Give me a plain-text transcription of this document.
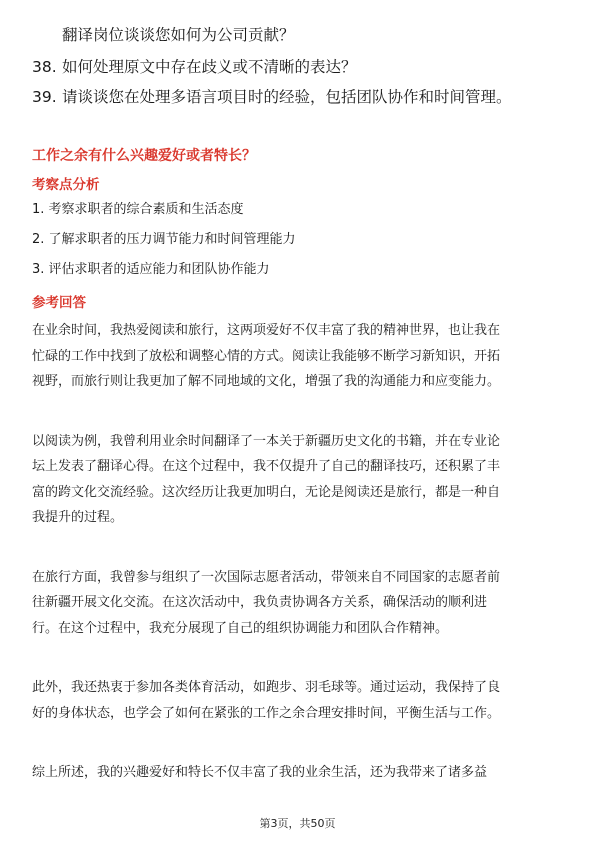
翻译岗位谈谈您如何为公司贡献？
38. 如何处理原文中存在歧义或不清晰的表达？
39. 请谈谈您在处理多语言项目时的经验，包括团队协作和时间管理。
工作之余有什么兴趣爱好或者特长？
考察点分析
1. 考察求职者的综合素质和生活态度
2. 了解求职者的压力调节能力和时间管理能力
3. 评估求职者的适应能力和团队协作能力
参考回答

在业余时间，我热爱阅读和旅行，这两项爱好不仅丰富了我的精神世界，也让我在
忙碌的工作中找到了放松和调整心情的方式。阅读让我能够不断学习新知识，开拓
视野，而旅行则让我更加了解不同地域的文化，增强了我的沟通能力和应变能力。

以阅读为例，我曾利用业余时间翻译了一本关于新疆历史文化的书籍，并在专业论
坛上发表了翻译心得。在这个过程中，我不仅提升了自己的翻译技巧，还积累了丰
富的跨文化交流经验。这次经历让我更加明白，无论是阅读还是旅行，都是一种自
我提升的过程。

在旅行方面，我曾参与组织了一次国际志愿者活动，带领来自不同国家的志愿者前
往新疆开展文化交流。在这次活动中，我负责协调各方关系，确保活动的顺利进
行。在这个过程中，我充分展现了自己的组织协调能力和团队合作精神。

此外，我还热衷于参加各类体育活动，如跑步、羽毛球等。通过运动，我保持了良
好的身体状态，也学会了如何在紧张的工作之余合理安排时间，平衡生活与工作。

综上所述，我的兴趣爱好和特长不仅丰富了我的业余生活，还为我带来了诸多益

第3页，共50页
